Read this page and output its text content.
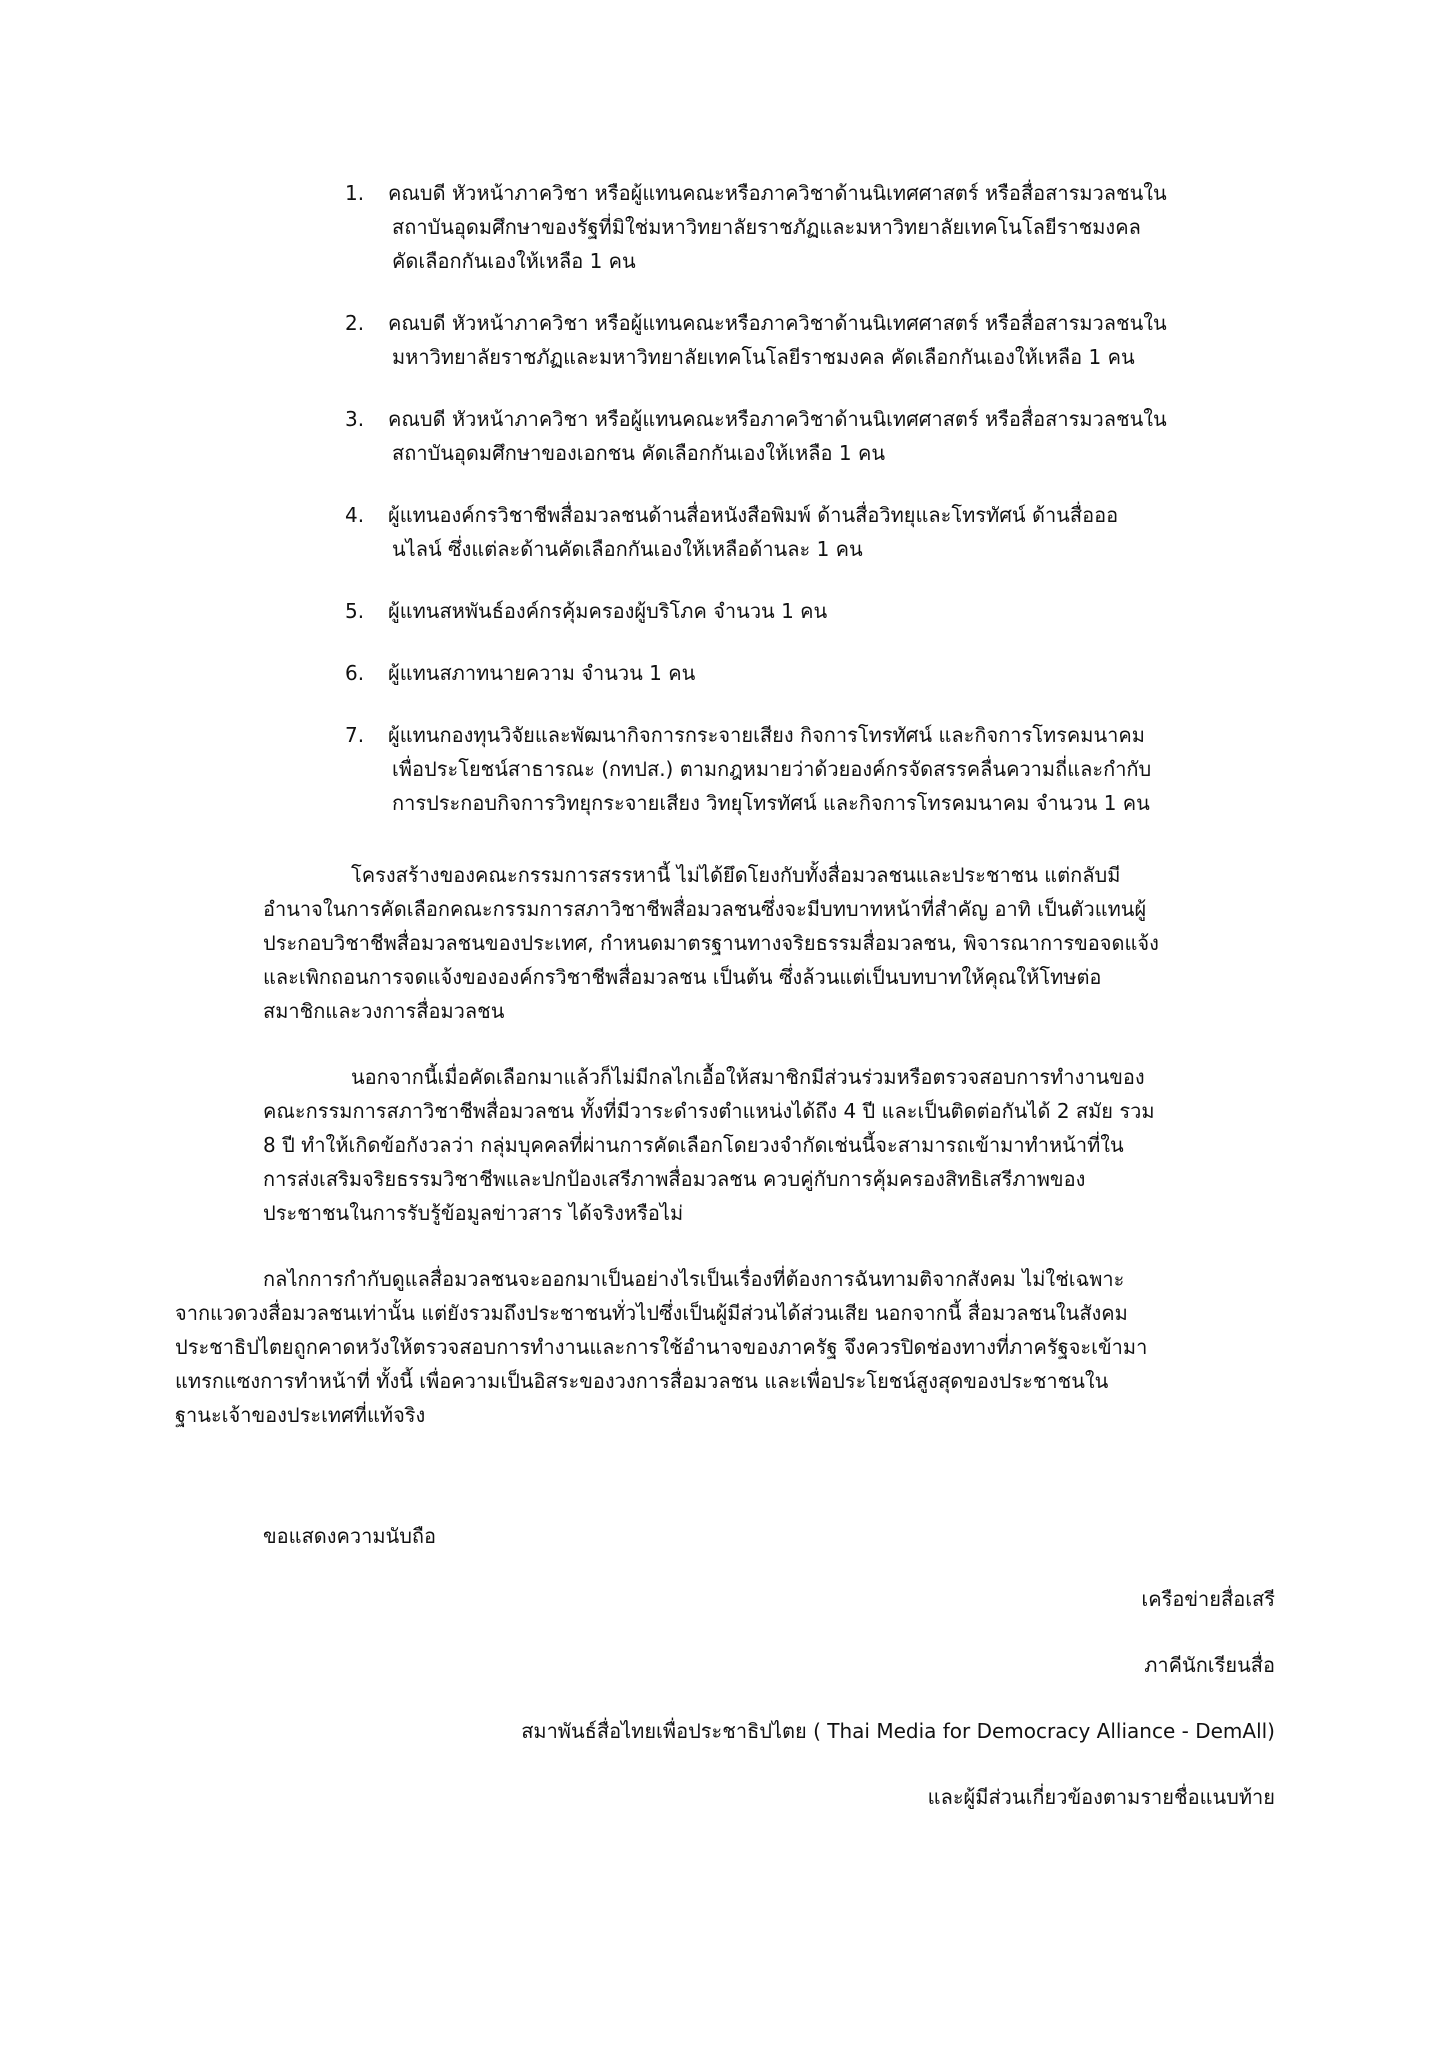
1. คณบดี หัวหน้าภาควิชา หรือผู้แทนคณะหรือภาควิชาด้านนิเทศศาสตร์ หรือสื่อสารมวลชนใน
สถาบันอุดมศึกษาของรัฐที่มิใช่มหาวิทยาลัยราชภัฏและมหาวิทยาลัยเทคโนโลยีราชมงคล
คัดเลือกกันเองให้เหลือ 1 คน
2. คณบดี หัวหน้าภาควิชา หรือผู้แทนคณะหรือภาควิชาด้านนิเทศศาสตร์ หรือสื่อสารมวลชนใน
มหาวิทยาลัยราชภัฏและมหาวิทยาลัยเทคโนโลยีราชมงคล คัดเลือกกันเองให้เหลือ 1 คน
3. คณบดี หัวหน้าภาควิชา หรือผู้แทนคณะหรือภาควิชาด้านนิเทศศาสตร์ หรือสื่อสารมวลชนใน
สถาบันอุดมศึกษาของเอกชน คัดเลือกกันเองให้เหลือ 1 คน
4. ผู้แทนองค์กรวิชาชีพสื่อมวลชนด้านสื่อหนังสือพิมพ์ ด้านสื่อวิทยุและโทรทัศน์ ด้านสื่อออ
นไลน์ ซึ่งแต่ละด้านคัดเลือกกันเองให้เหลือด้านละ 1 คน
5. ผู้แทนสหพันธ์องค์กรคุ้มครองผู้บริโภค จำนวน 1 คน
6. ผู้แทนสภาทนายความ จำนวน 1 คน
7. ผู้แทนกองทุนวิจัยและพัฒนากิจการกระจายเสียง กิจการโทรทัศน์ และกิจการโทรคมนาคม
เพื่อประโยชน์สาธารณะ (กทปส.) ตามกฎหมายว่าด้วยองค์กรจัดสรรคลื่นความถี่และกำกับ
การประกอบกิจการวิทยุกระจายเสียง วิทยุโทรทัศน์ และกิจการโทรคมนาคม จำนวน 1 คน
โครงสร้างของคณะกรรมการสรรหานี้ ไม่ได้ยึดโยงกับทั้งสื่อมวลชนและประชาชน แต่กลับมี
อำนาจในการคัดเลือกคณะกรรมการสภาวิชาชีพสื่อมวลชนซึ่งจะมีบทบาทหน้าที่สำคัญ อาทิ เป็นตัวแทนผู้
ประกอบวิชาชีพสื่อมวลชนของประเทศ, กำหนดมาตรฐานทางจริยธรรมสื่อมวลชน, พิจารณาการขอจดแจ้ง
และเพิกถอนการจดแจ้งขององค์กรวิชาชีพสื่อมวลชน เป็นต้น ซึ่งล้วนแต่เป็นบทบาทให้คุณให้โทษต่อ
สมาชิกและวงการสื่อมวลชน
นอกจากนี้เมื่อคัดเลือกมาแล้วก็ไม่มีกลไกเอื้อให้สมาชิกมีส่วนร่วมหรือตรวจสอบการทำงานของ
คณะกรรมการสภาวิชาชีพสื่อมวลชน ทั้งที่มีวาระดำรงตำแหน่งได้ถึง 4 ปี และเป็นติดต่อกันได้ 2 สมัย รวม
8 ปี ทำให้เกิดข้อกังวลว่า กลุ่มบุคคลที่ผ่านการคัดเลือกโดยวงจำกัดเช่นนี้จะสามารถเข้ามาทำหน้าที่ใน
การส่งเสริมจริยธรรมวิชาชีพและปกป้องเสรีภาพสื่อมวลชน ควบคู่กับการคุ้มครองสิทธิเสรีภาพของ
ประชาชนในการรับรู้ข้อมูลข่าวสาร ได้จริงหรือไม่
กลไกการกำกับดูแลสื่อมวลชนจะออกมาเป็นอย่างไรเป็นเรื่องที่ต้องการฉันทามติจากสังคม ไม่ใช่เฉพาะ
จากแวดวงสื่อมวลชนเท่านั้น แต่ยังรวมถึงประชาชนทั่วไปซึ่งเป็นผู้มีส่วนได้ส่วนเสีย นอกจากนี้ สื่อมวลชนในสังคม
ประชาธิปไตยถูกคาดหวังให้ตรวจสอบการทำงานและการใช้อำนาจของภาครัฐ จึงควรปิดช่องทางที่ภาครัฐจะเข้ามา
แทรกแซงการทำหน้าที่ ทั้งนี้ เพื่อความเป็นอิสระของวงการสื่อมวลชน และเพื่อประโยชน์สูงสุดของประชาชนใน
ฐานะเจ้าของประเทศที่แท้จริง
ขอแสดงความนับถือ
เครือข่ายสื่อเสรี
ภาคีนักเรียนสื่อ
สมาพันธ์สื่อไทยเพื่อประชาธิปไตย ( Thai Media for Democracy Alliance - DemAll)
และผู้มีส่วนเกี่ยวข้องตามรายชื่อแนบท้าย
